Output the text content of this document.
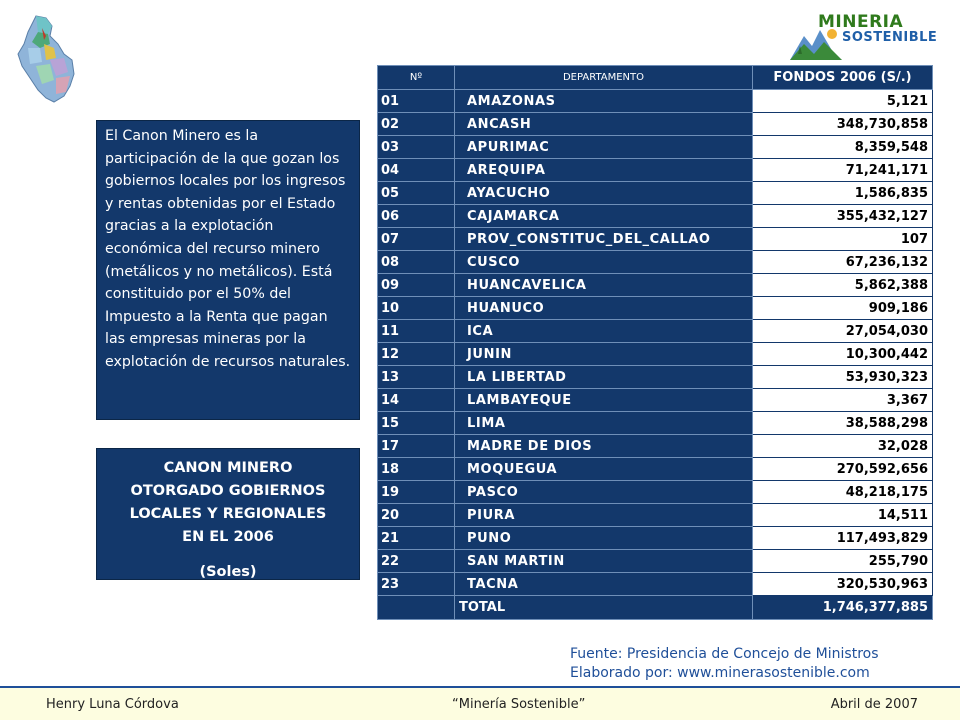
MINERIA
SOSTENIBLE
El Canon Minero es la participación de la que gozan los gobiernos locales por los ingresos y rentas obtenidas por el Estado gracias a la explotación económica del recurso minero (metálicos y no metálicos). Está constituido por el 50% del Impuesto a la Renta que pagan las empresas mineras por la explotación de recursos naturales.
CANON MINERO
OTORGADO GOBIERNOS
LOCALES Y REGIONALES
EN EL 2006
(Soles)
Nº	DEPARTAMENTO	FONDOS 2006 (S/.)
01	AMAZONAS	5,121
02	ANCASH	348,730,858
03	APURIMAC	8,359,548
04	AREQUIPA	71,241,171
05	AYACUCHO	1,586,835
06	CAJAMARCA	355,432,127
07	PROV_CONSTITUC_DEL_CALLAO	107
08	CUSCO	67,236,132
09	HUANCAVELICA	5,862,388
10	HUANUCO	909,186
11	ICA	27,054,030
12	JUNIN	10,300,442
13	LA LIBERTAD	53,930,323
14	LAMBAYEQUE	3,367
15	LIMA	38,588,298
17	MADRE DE DIOS	32,028
18	MOQUEGUA	270,592,656
19	PASCO	48,218,175
20	PIURA	14,511
21	PUNO	117,493,829
22	SAN MARTIN	255,790
23	TACNA	320,530,963
	TOTAL	1,746,377,885
Fuente: Presidencia de Concejo de Ministros
Elaborado por: www.minerasostenible.com
Henry Luna Córdova	“Minería Sostenible”	Abril de 2007
